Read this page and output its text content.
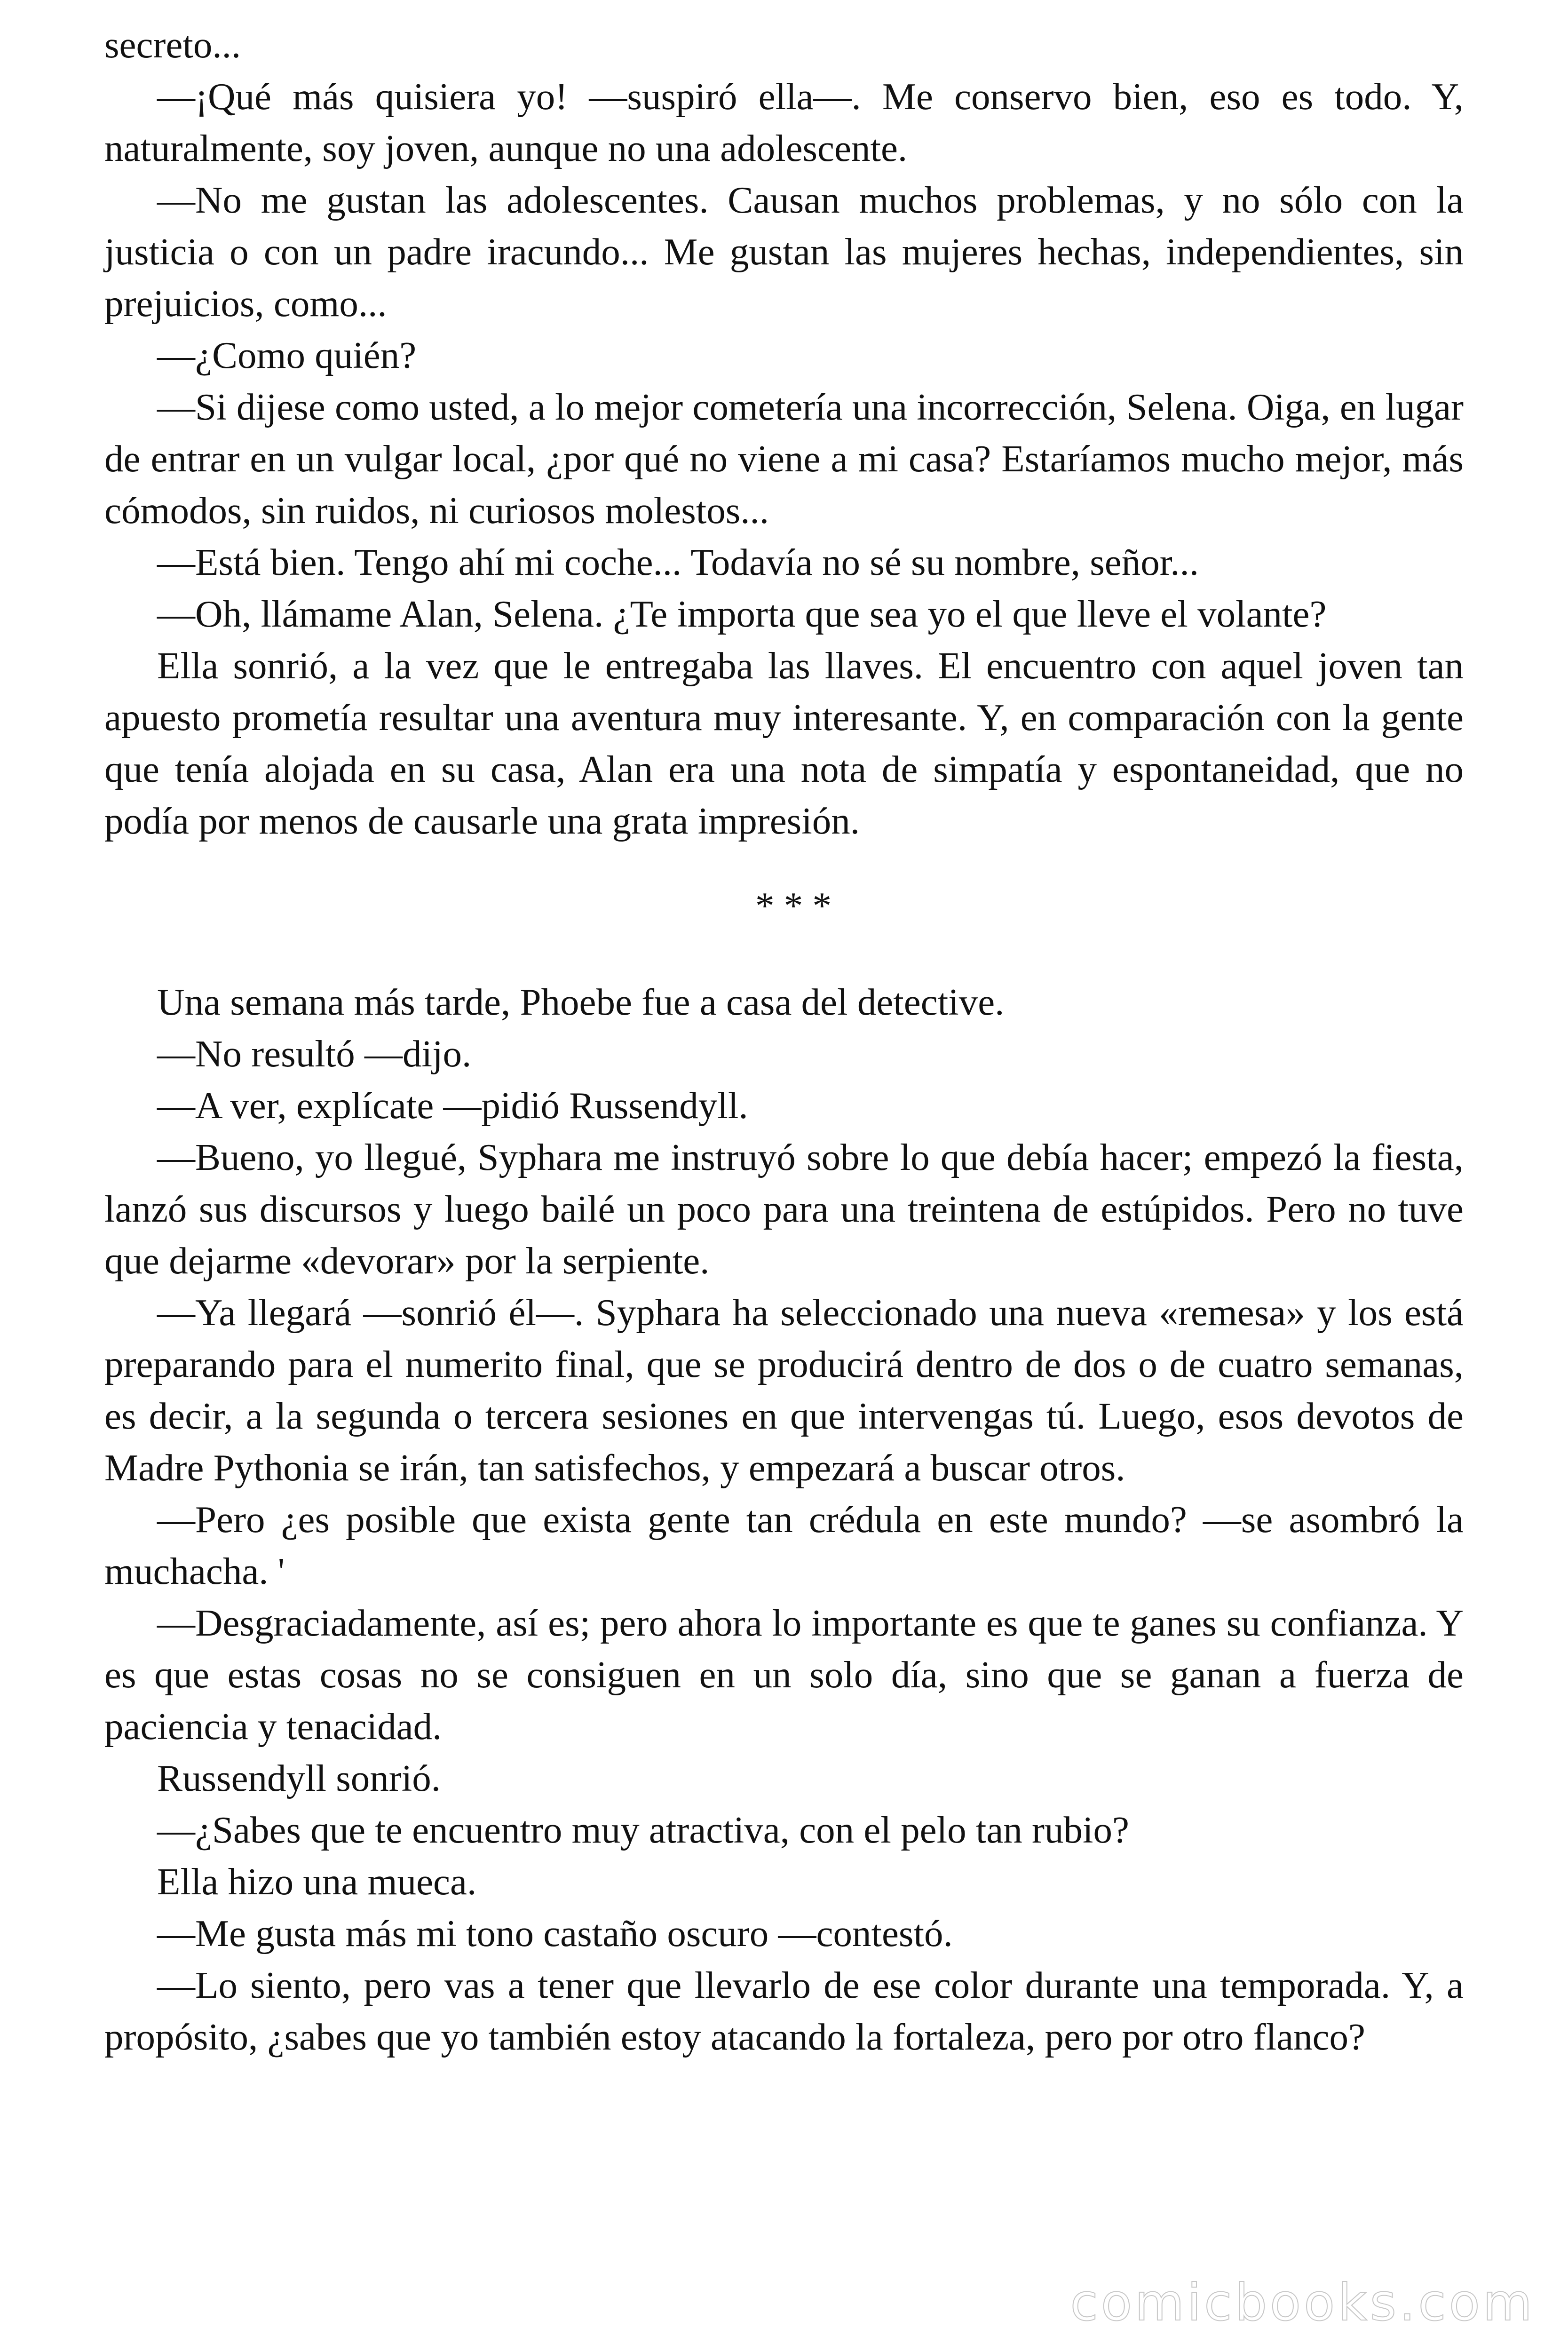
secreto...

—¡Qué más quisiera yo! —suspiró ella—. Me conservo bien, eso es todo. Y, naturalmente, soy joven, aunque no una adolescente.

—No me gustan las adolescentes. Causan muchos problemas, y no sólo con la justicia o con un padre iracundo... Me gustan las mujeres hechas, independientes, sin prejuicios, como...

—¿Como quién?

—Si dijese como usted, a lo mejor cometería una incorrección, Selena. Oiga, en lugar de entrar en un vulgar local, ¿por qué no viene a mi casa? Estaríamos mucho mejor, más cómodos, sin ruidos, ni curiosos molestos...

—Está bien. Tengo ahí mi coche... Todavía no sé su nombre, señor...

—Oh, llámame Alan, Selena. ¿Te importa que sea yo el que lleve el volante?

Ella sonrió, a la vez que le entregaba las llaves. El encuentro con aquel joven tan apuesto prometía resultar una aventura muy interesante. Y, en comparación con la gente que tenía alojada en su casa, Alan era una nota de simpatía y espontaneidad, que no podía por menos de causarle una grata impresión.

* * *

Una semana más tarde, Phoebe fue a casa del detective.

—No resultó —dijo.

—A ver, explícate —pidió Russendyll.

—Bueno, yo llegué, Syphara me instruyó sobre lo que debía hacer; empezó la fiesta, lanzó sus discursos y luego bailé un poco para una treintena de estúpidos. Pero no tuve que dejarme «devorar» por la serpiente.

—Ya llegará —sonrió él—. Syphara ha seleccionado una nueva «remesa» y los está preparando para el numerito final, que se producirá dentro de dos o de cuatro semanas, es decir, a la segunda o tercera sesiones en que intervengas tú. Luego, esos devotos de Madre Pythonia se irán, tan satisfechos, y empezará a buscar otros.

—Pero ¿es posible que exista gente tan crédula en este mundo? —se asombró la muchacha. '

—Desgraciadamente, así es; pero ahora lo importante es que te ganes su confianza. Y es que estas cosas no se consiguen en un solo día, sino que se ganan a fuerza de paciencia y tenacidad.

Russendyll sonrió.

—¿Sabes que te encuentro muy atractiva, con el pelo tan rubio?

Ella hizo una mueca.

—Me gusta más mi tono castaño oscuro —contestó.

—Lo siento, pero vas a tener que llevarlo de ese color durante una temporada. Y, a propósito, ¿sabes que yo también estoy atacando la fortaleza, pero por otro flanco?

comicbooks.com
